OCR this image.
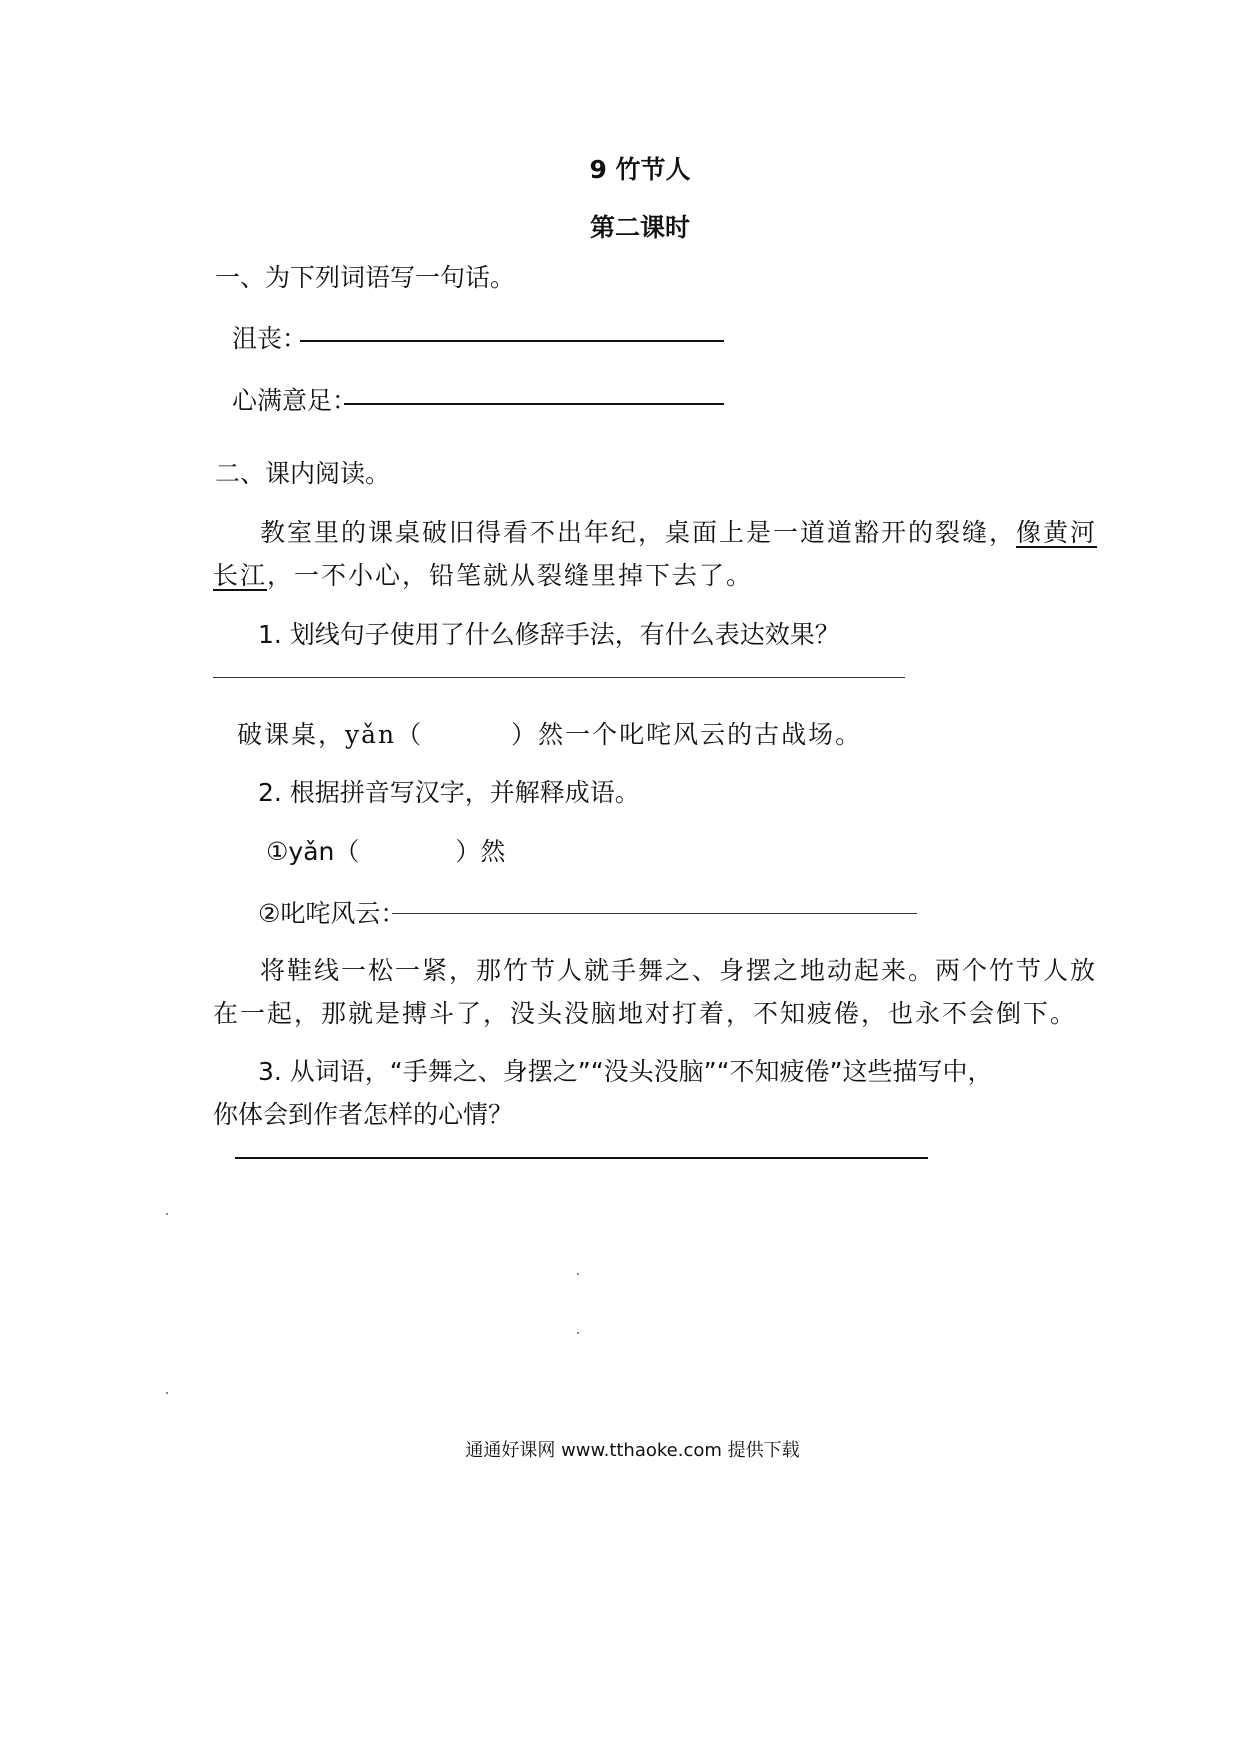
9 竹节人
第二课时
一、为下列词语写一句话。
沮丧：
心满意足：
二、课内阅读。
教室里的课桌破旧得看不出年纪，桌面上是一道道豁开的裂缝，像黄河
长江，一不小心，铅笔就从裂缝里掉下去了。
1. 划线句子使用了什么修辞手法，有什么表达效果？
破课桌，yǎn（	）然一个叱咤风云的古战场。
2. 根据拼音写汉字，并解释成语。
①yǎn（	）然
②叱咤风云：
将鞋线一松一紧，那竹节人就手舞之、身摆之地动起来。两个竹节人放
在一起，那就是搏斗了，没头没脑地对打着，不知疲倦，也永不会倒下。
3. 从词语，“手舞之、身摆之”“没头没脑”“不知疲倦”这些描写中，
你体会到作者怎样的心情？
通通好课网 www.tthaoke.com 提供下载
